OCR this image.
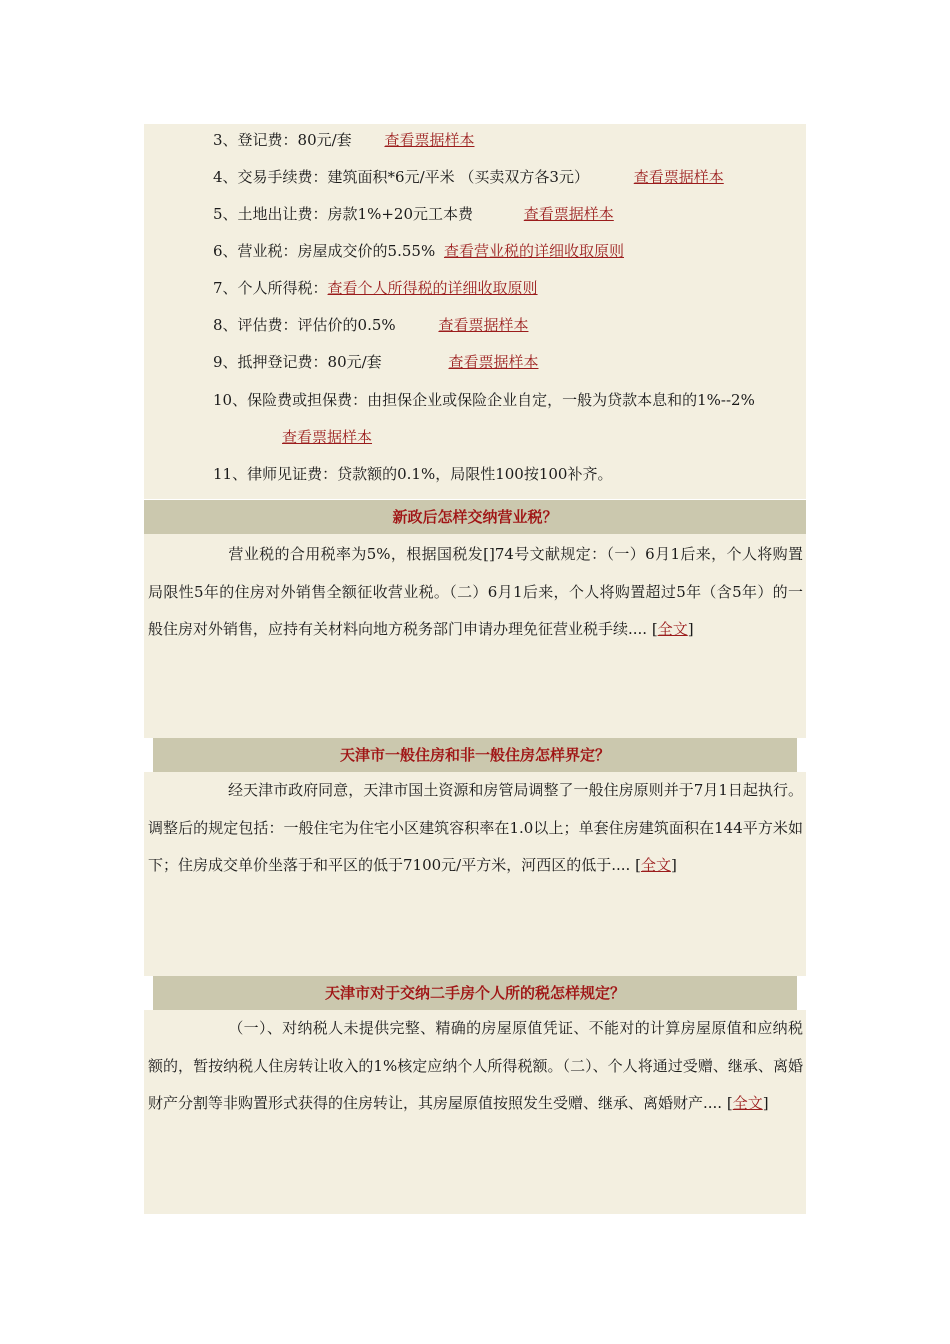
3、登记费：80元/套 查看票据样本
4、交易手续费：建筑面积*6元/平米 （买卖双方各3元）	查看票据样本
5、土地出让费：房款1%+20元工本费	查看票据样本
6、营业税：房屋成交价的5.55% 查看营业税的详细收取原则
7、个人所得税：查看个人所得税的详细收取原则
8、评估费：评估价的0.5%	查看票据样本
9、抵押登记费：80元/套	查看票据样本
10、保险费或担保费：由担保企业或保险企业自定，一般为贷款本息和的1%--2%
查看票据样本
11、律师见证费：贷款额的0.1%，局限性100按100补齐。
新政后怎样交纳营业税？
营业税的合用税率为5%，根据国税发[]74号文献规定：（一）6月1后来，个人将购置局限性5年的住房对外销售全额征收营业税。（二）6月1后来，个人将购置超过5年（含5年）的一般住房对外销售，应持有关材料向地方税务部门申请办理免征营业税手续.... [全文]
天津市一般住房和非一般住房怎样界定？
经天津市政府同意，天津市国土资源和房管局调整了一般住房原则并于7月1日起执行。调整后的规定包括：一般住宅为住宅小区建筑容积率在1.0以上；单套住房建筑面积在144平方米如下；住房成交单价坐落于和平区的低于7100元/平方米，河西区的低于.... [全文]
天津市对于交纳二手房个人所的税怎样规定？
（一）、对纳税人未提供完整、精确的房屋原值凭证、不能对的计算房屋原值和应纳税额的，暂按纳税人住房转让收入的1%核定应纳个人所得税额。（二）、个人将通过受赠、继承、离婚财产分割等非购置形式获得的住房转让，其房屋原值按照发生受赠、继承、离婚财产.... [全文]
